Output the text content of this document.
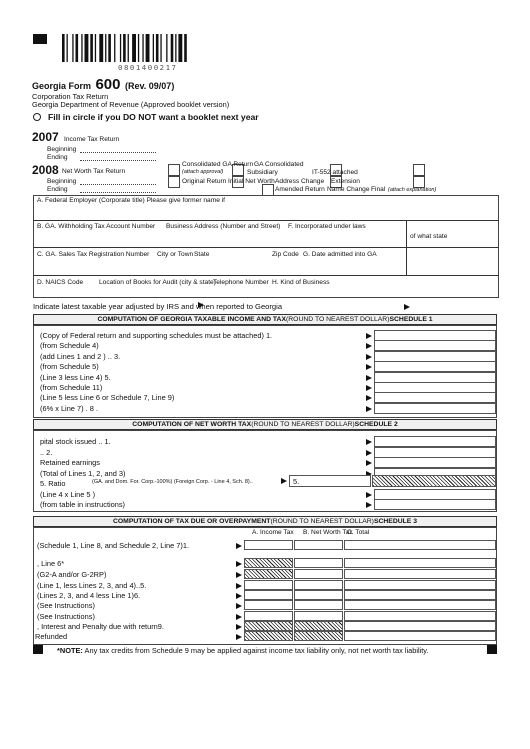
0801400217
Georgia Form 600 (Rev. 09/07)
Corporation Tax Return
Georgia Department of Revenue (Approved booklet version)
Fill in circle if you DO NOT want a booklet next year
2007 Income Tax Return
Beginning
Ending
2008 Net Worth Tax Return
Beginning
Ending
Consolidated GA Return GA Consolidated
(attach approval)	Subsidiary	IT-552 attached
Original Return Initial Net Worth Address Change Extension
Amended Return Name Change Final (attach explanation)
A. Federal Employer (Corporate title) Please give former name if
B. GA. Withholding Tax Account Number Business Address (Number and Street) F. Incorporated under laws
of what state
C. GA. Sales Tax Registration Number City or Town State	Zip Code G. Date admitted into GA
D. NAICS Code Location of Books for Audit (city & state)
Telephone Number H. Kind of Business
Indicate latest taxable year adjusted by IRS and when reported to Georgia
COMPUTATION OF GEORGIA TAXABLE INCOME AND TAX(ROUND TO NEAREST DOLLAR)SCHEDULE 1
(Copy of Federal return and supporting schedules must be attached) 1.
(from Schedule 4)
(add Lines 1 and 2 ) .. 3.
(from Schedule 5)
(Line 3 less Line 4) 5.
(from Schedule 11)
(Line 5 less Line 6 or Schedule 7, Line 9)
(6% x Line 7) . 8 .
COMPUTATION OF NET WORTH TAX(ROUND TO NEAREST DOLLAR)SCHEDULE 2
pital stock issued .. 1.
.. 2.
Retained earnings
(Total of Lines 1, 2, and 3)
5. Ratio
(Line 4 x Line 5 )
(from table in instructions)
(GA. and Dom. For. Corp.-100%) (Foreign Corp. - Line 4, Sch. 8)..	5.
COMPUTATION OF TAX DUE OR OVERPAYMENT(ROUND TO NEAREST DOLLAR)SCHEDULE 3
A. Income Tax B. Net Worth Tax
C. Total
(Schedule 1, Line 8, and Schedule 2, Line 7)1.
, Line 6*
(G2-A and/or G-2RP)
(Line 1, less Lines 2, 3, and 4)..5.
(Lines 2, 3, and 4 less Line 1)6.
(See Instructions)
(See Instructions)
, Interest and Penalty due with return9.
Refunded
*NOTE: Any tax credits from Schedule 9 may be applied against income tax liability only, not net worth tax liability.
